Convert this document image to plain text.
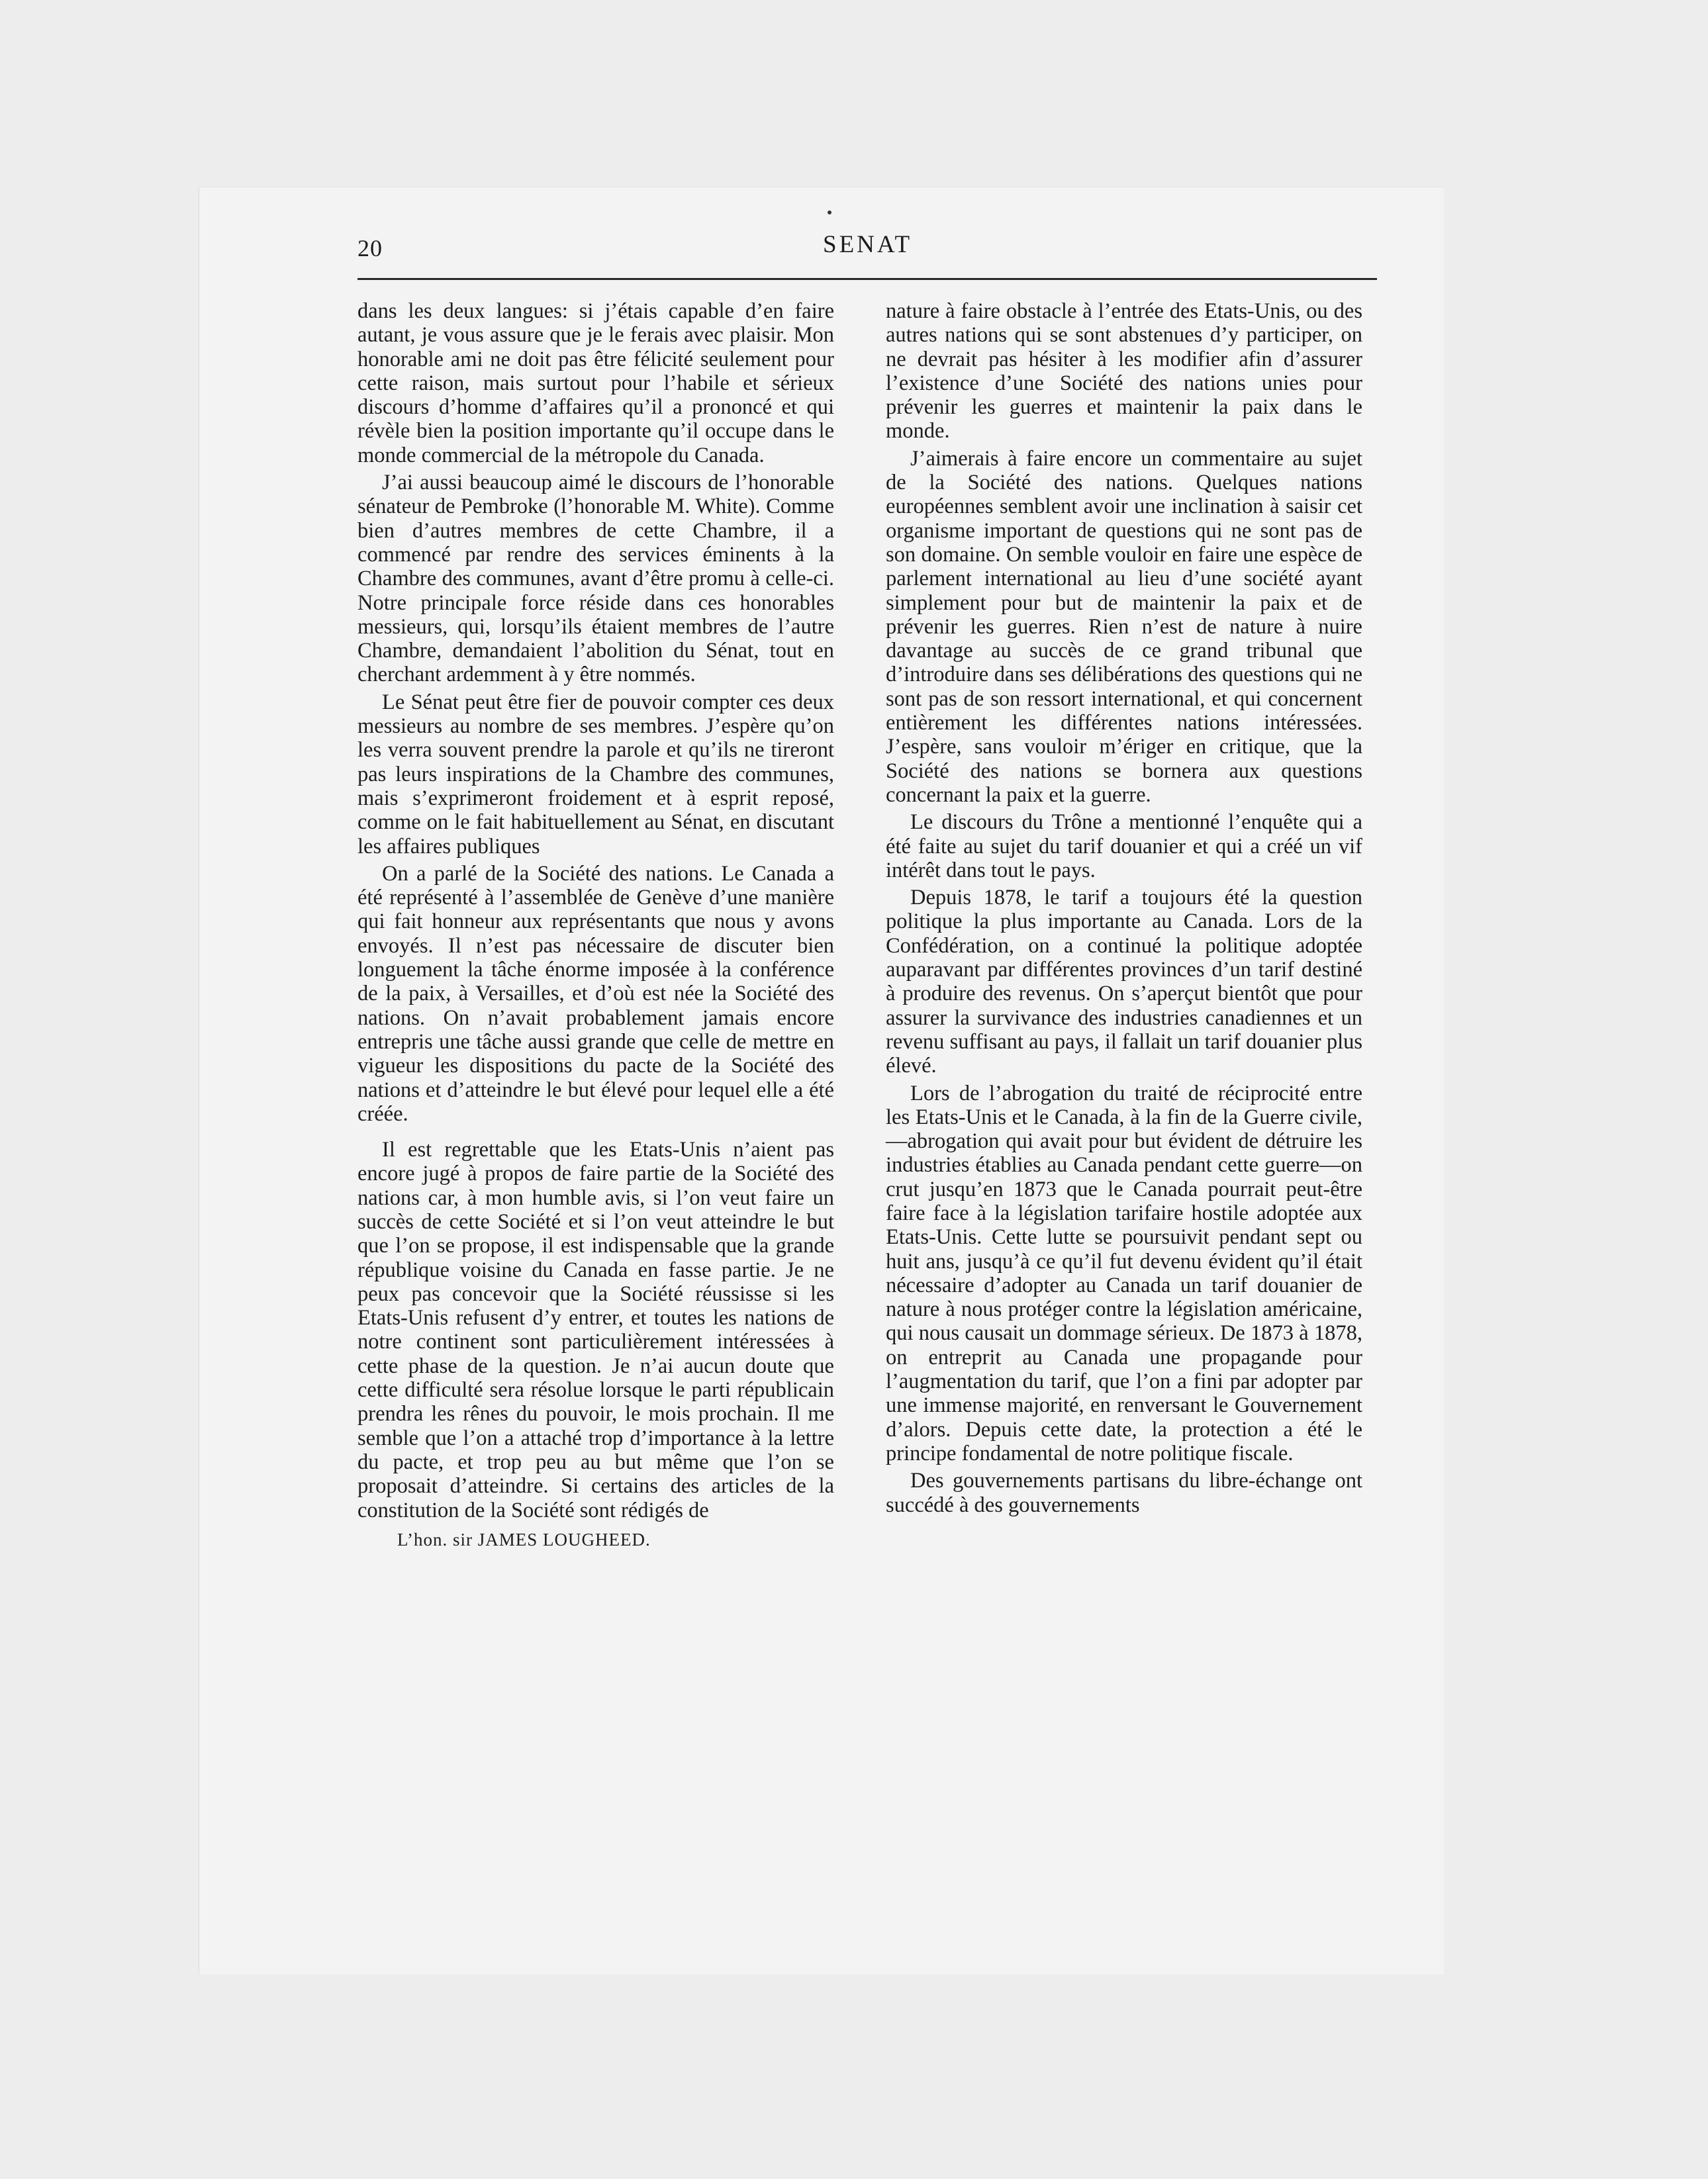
20	SENAT

dans les deux langues: si j’étais capable d’en faire autant, je vous assure que je le ferais avec plaisir. Mon honorable ami ne doit pas être félicité seulement pour cette raison, mais surtout pour l’habile et sérieux discours d’homme d’affaires qu’il a prononcé et qui révèle bien la position importante qu’il occupe dans le monde commercial de la métropole du Canada.

J’ai aussi beaucoup aimé le discours de l’honorable sénateur de Pembroke (l’honorable M. White). Comme bien d’autres membres de cette Chambre, il a commencé par rendre des services éminents à la Chambre des communes, avant d’être promu à celle-ci. Notre principale force réside dans ces honorables messieurs, qui, lorsqu’ils étaient membres de l’autre Chambre, demandaient l’abolition du Sénat, tout en cherchant ardemment à y être nommés.

Le Sénat peut être fier de pouvoir compter ces deux messieurs au nombre de ses membres. J’espère qu’on les verra souvent prendre la parole et qu’ils ne tireront pas leurs inspirations de la Chambre des communes, mais s’exprimeront froidement et à esprit reposé, comme on le fait habituellement au Sénat, en discutant les affaires publiques

On a parlé de la Société des nations. Le Canada a été représenté à l’assemblée de Genève d’une manière qui fait honneur aux représentants que nous y avons envoyés. Il n’est pas nécessaire de discuter bien longuement la tâche énorme imposée à la conférence de la paix, à Versailles, et d’où est née la Société des nations. On n’avait probablement jamais encore entrepris une tâche aussi grande que celle de mettre en vigueur les dispositions du pacte de la Société des nations et d’atteindre le but élevé pour lequel elle a été créée.

Il est regrettable que les Etats-Unis n’aient pas encore jugé à propos de faire partie de la Société des nations car, à mon humble avis, si l’on veut faire un succès de cette Société et si l’on veut atteindre le but que l’on se propose, il est indispensable que la grande république voisine du Canada en fasse partie. Je ne peux pas concevoir que la Société réussisse si les Etats-Unis refusent d’y entrer, et toutes les nations de notre continent sont particulièrement intéressées à cette phase de la question. Je n’ai aucun doute que cette difficulté sera résolue lorsque le parti républicain prendra les rênes du pouvoir, le mois prochain. Il me semble que l’on a attaché trop d’importance à la lettre du pacte, et trop peu au but même que l’on se proposait d’atteindre. Si certains des articles de la constitution de la Société sont rédigés de

L’hon. sir JAMES LOUGHEED.

nature à faire obstacle à l’entrée des Etats-Unis, ou des autres nations qui se sont abstenues d’y participer, on ne devrait pas hésiter à les modifier afin d’assurer l’existence d’une Société des nations unies pour prévenir les guerres et maintenir la paix dans le monde.

J’aimerais à faire encore un commentaire au sujet de la Société des nations. Quelques nations européennes semblent avoir une inclination à saisir cet organisme important de questions qui ne sont pas de son domaine. On semble vouloir en faire une espèce de parlement international au lieu d’une société ayant simplement pour but de maintenir la paix et de prévenir les guerres. Rien n’est de nature à nuire davantage au succès de ce grand tribunal que d’introduire dans ses délibérations des questions qui ne sont pas de son ressort international, et qui concernent entièrement les différentes nations intéressées. J’espère, sans vouloir m’ériger en critique, que la Société des nations se bornera aux questions concernant la paix et la guerre.

Le discours du Trône a mentionné l’enquête qui a été faite au sujet du tarif douanier et qui a créé un vif intérêt dans tout le pays.

Depuis 1878, le tarif a toujours été la question politique la plus importante au Canada. Lors de la Confédération, on a continué la politique adoptée auparavant par différentes provinces d’un tarif destiné à produire des revenus. On s’aperçut bientôt que pour assurer la survivance des industries canadiennes et un revenu suffisant au pays, il fallait un tarif douanier plus élevé.

Lors de l’abrogation du traité de réciprocité entre les Etats-Unis et le Canada, à la fin de la Guerre civile,—abrogation qui avait pour but évident de détruire les industries établies au Canada pendant cette guerre—on crut jusqu’en 1873 que le Canada pourrait peut-être faire face à la législation tarifaire hostile adoptée aux Etats-Unis. Cette lutte se poursuivit pendant sept ou huit ans, jusqu’à ce qu’il fut devenu évident qu’il était nécessaire d’adopter au Canada un tarif douanier de nature à nous protéger contre la législation américaine, qui nous causait un dommage sérieux. De 1873 à 1878, on entreprit au Canada une propagande pour l’augmentation du tarif, que l’on a fini par adopter par une immense majorité, en renversant le Gouvernement d’alors. Depuis cette date, la protection a été le principe fondamental de notre politique fiscale.

Des gouvernements partisans du libre-échange ont succédé à des gouvernements
